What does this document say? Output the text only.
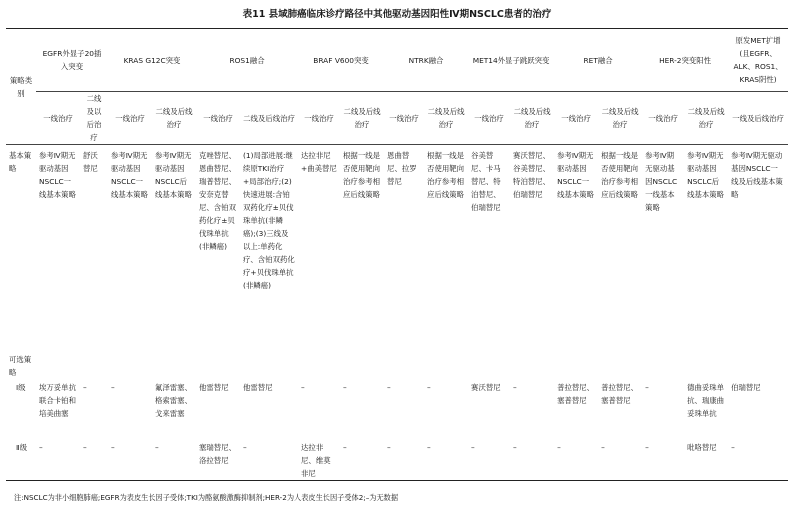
表11 县域肺癌临床诊疗路径中其他驱动基因阳性Ⅳ期NSCLC患者的治疗
策略类别	EGFR外显子20插入突变		KRAS G12C突变		ROS1融合		BRAF V600突变		NTRK融合		MET14外显子跳跃突变		RET融合		HER-2突变阳性		原发MET扩增(且EGFR、ALK、ROS1、KRAS阴性)
	一线治疗	二线及以后治疗	一线治疗	二线及后线治疗	一线治疗	二线及后线治疗	一线治疗	二线及后线治疗	一线治疗	二线及后线治疗	一线治疗	二线及后线治疗	一线治疗	二线及后线治疗	一线治疗	二线及后线治疗	一线及后线治疗
基本策略	参考Ⅳ期无驱动基因NSCLC一线基本策略	舒沃替尼	参考Ⅳ期无驱动基因NSCLC一线基本策略	参考Ⅳ期无驱动基因NSCLC后线基本策略	克唑替尼、恩曲替尼、瑞普替尼、安奈克替尼、含铂双药化疗±贝伐珠单抗(非鳞癌)	(1)局部进展:继续原TKI治疗+局部治疗;(2)快速进展:含铂双药化疗±贝伐珠单抗(非鳞癌);(3)三线及以上:单药化疗、含铂双药化疗+贝伐珠单抗(非鳞癌)	达拉非尼+曲美替尼	根据一线是否使用靶向治疗参考相应后线策略	恩曲替尼、拉罗替尼	根据一线是否使用靶向治疗参考相应后线策略	谷美替尼、卡马替尼、特泊替尼、伯瑞替尼	赛沃替尼、谷美替尼、特泊替尼、伯瑞替尼	参考Ⅳ期无驱动基因NSCLC一线基本策略	根据一线是否使用靶向治疗参考相应后线策略	参考Ⅳ期无驱动基因NSCLC一线基本策略	参考Ⅳ期无驱动基因NSCLC后线基本策略	参考Ⅳ期无驱动基因NSCLC一线及后线基本策略
可选策略																	
Ⅰ级	埃万妥单抗联合卡铂和培美曲塞	–	–	氟泽雷塞、格索雷塞、戈来雷塞	他雷替尼	他雷替尼	–	–	–	–	赛沃替尼	–	普拉替尼、塞普替尼	普拉替尼、塞普替尼	–	德曲妥珠单抗、瑞康曲妥珠单抗	伯瑞替尼
Ⅱ级	–	–	–	–	塞瑞替尼、洛拉替尼	–	达拉非尼、维莫非尼	–	–	–	–	–	–	–	–	吡咯替尼	–
注:NSCLC为非小细胞肺癌;EGFR为表皮生长因子受体;TKI为酪氨酸激酶抑制剂;HER-2为人表皮生长因子受体2;–为无数据
